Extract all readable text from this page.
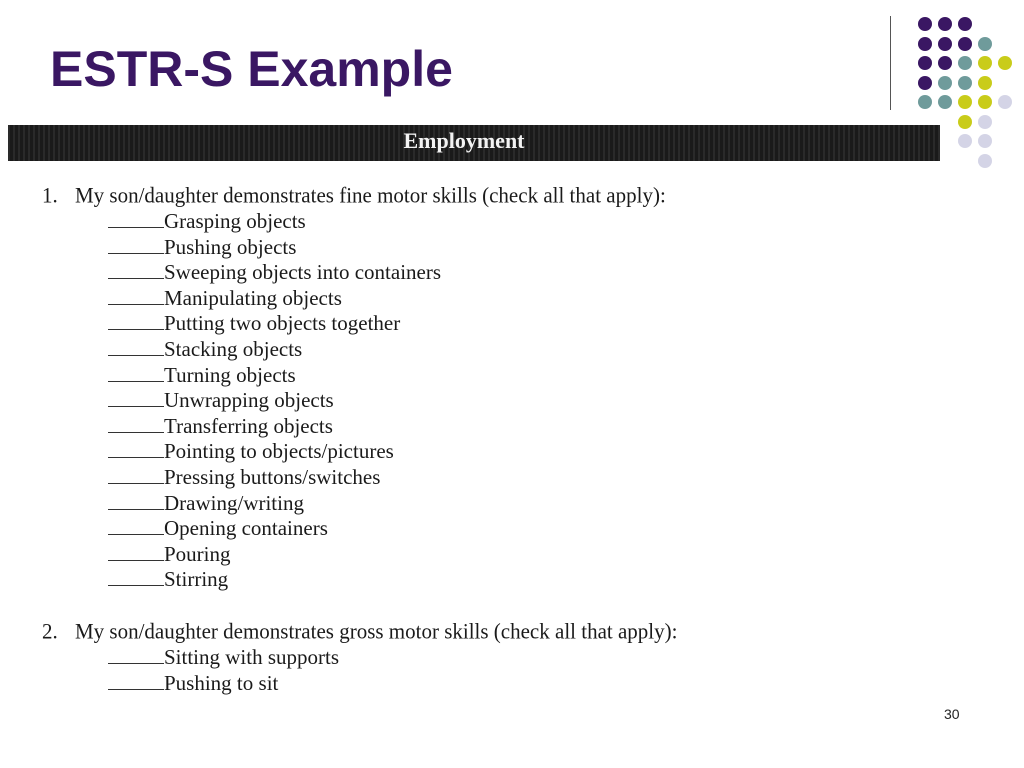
ESTR-S Example
Employment
1. My son/daughter demonstrates fine motor skills (check all that apply):
Grasping objects
Pushing objects
Sweeping objects into containers
Manipulating objects
Putting two objects together
Stacking objects
Turning objects
Unwrapping objects
Transferring objects
Pointing to objects/pictures
Pressing buttons/switches
Drawing/writing
Opening containers
Pouring
Stirring
2. My son/daughter demonstrates gross motor skills (check all that apply):
Sitting with supports
Pushing to sit
30
